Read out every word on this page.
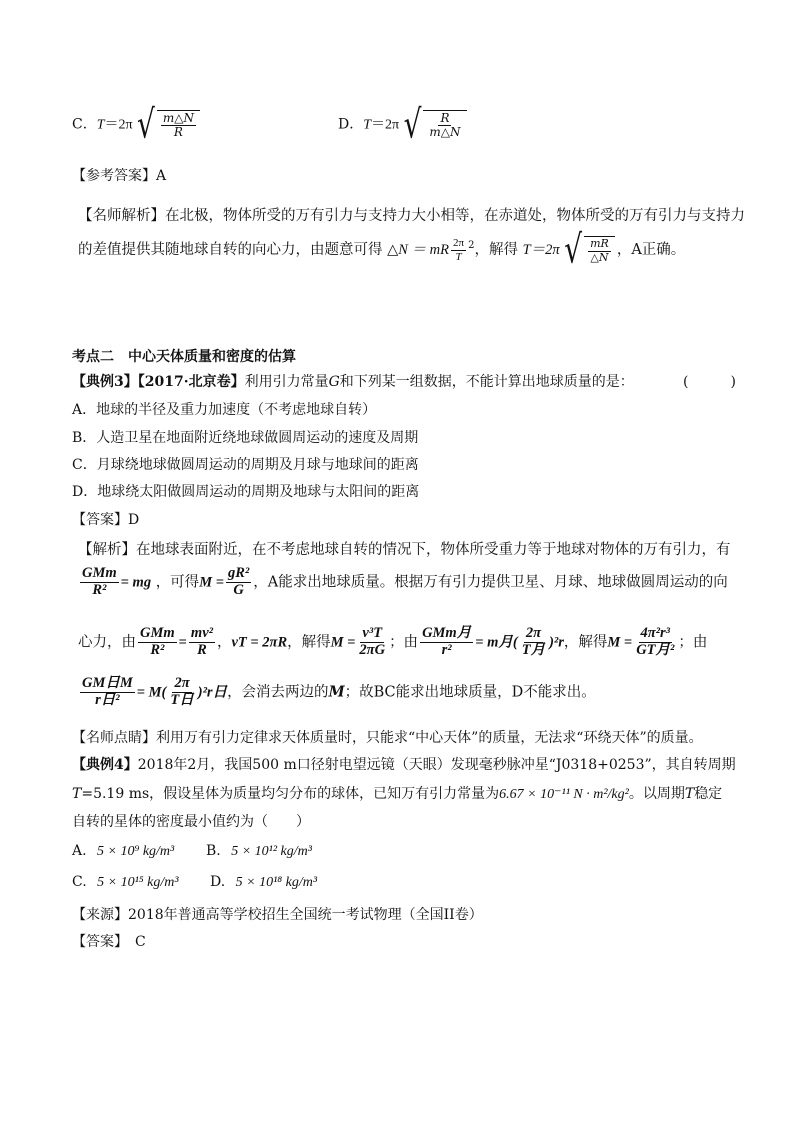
C．T＝2π √ $\frac{m\triangle N}{R}$	D．T＝2π √ $\frac{R}{m\triangle N}$
【参考答案】A
【名师解析】在北极，物体所受的万有引力与支持力大小相等，在赤道处，物体所受的万有引力与支持力
的差值提供其随地球自转的向心力，由题意可得 △N ＝ mR $\frac{2\pi}{T} ^2$，解得 T＝2π √ $\frac{mR}{\triangle N}$ ，A正确。
考点二　中心天体质量和密度的估算
【典例3】【2017·北京卷】利用引力常量G和下列某一组数据，不能计算出地球质量的是：	(　　　)
A．地球的半径及重力加速度（不考虑地球自转）
B．人造卫星在地面附近绕地球做圆周运动的速度及周期
C．月球绕地球做圆周运动的周期及月球与地球间的距离
D．地球绕太阳做圆周运动的周期及地球与太阳间的距离
【答案】D
【解析】在地球表面附近，在不考虑地球自转的情况下，物体所受重力等于地球对物体的万有引力，有
$\frac{\text{GMm}}{\text{R²}}$ = mg ，可得$M = \frac{\text{gR²}}{G}$ ，A能求出地球质量。根据万有引力提供卫星、月球、地球做圆周运动的向
心力，由 $\frac{\text{GMm}}{\text{R²}} = \frac{\text{mv²}}{R}$ ，vT = 2πR，解得$M = \frac{\text{v³T}}{2\pi G}$ ；由 $\frac{\text{GMm月}}{\text{r²}} = m$月( $\frac{2\pi}{\text{T月}} )^2r$，解得$M = \frac{\text{4π²r³}}{\text{GT月²}}$ ；由
$\frac{\text{GM日M}}{\text{r日²}} = M( \frac{2\pi}{\text{T日}} )^2r$日，会消去两边的M；故BC能求出地球质量，D不能求出。
【名师点睛】利用万有引力定律求天体质量时，只能求“中心天体”的质量，无法求“环绕天体”的质量。
【典例4】2018年2月，我国500 m口径射电望远镜（天眼）发现毫秒脉冲星“J0318+0253”，其自转周期
T=5.19 ms，假设星体为质量均匀分布的球体，已知万有引力常量为6.67 × 10⁻¹¹ N · m²/kg²。以周期T稳定
自转的星体的密度最小值约为（　　）
A. 5 × 10⁹ kg/m³ B. 5 × 10¹² kg/m³
C. 5 × 10¹⁵ kg/m³ D. 5 × 10¹⁸ kg/m³
【来源】2018年普通高等学校招生全国统一考试物理（全国II卷）
【答案】　C
